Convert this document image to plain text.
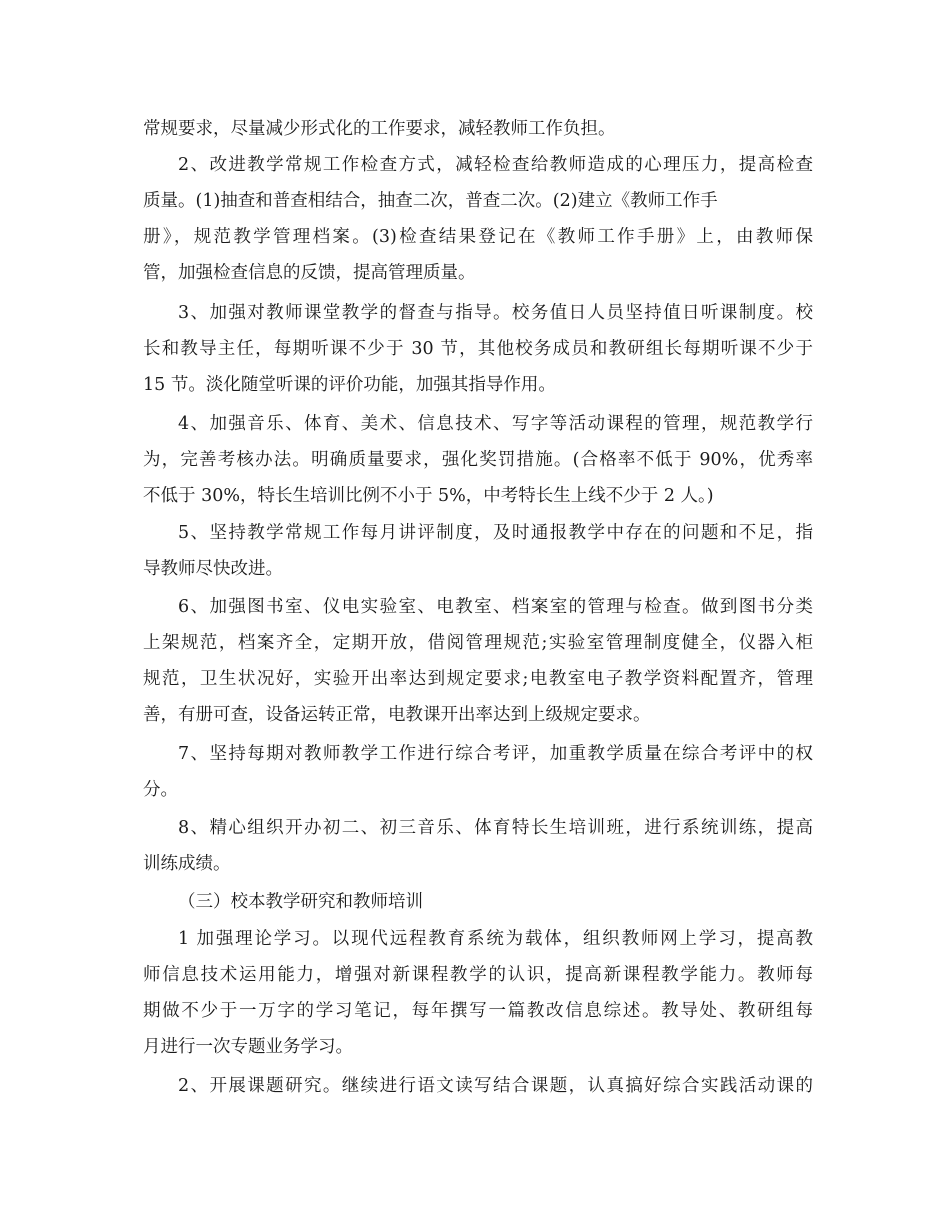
常规要求，尽量减少形式化的工作要求，减轻教师工作负担。
2、改进教学常规工作检查方式，减轻检查给教师造成的心理压力，提高检查
质量。(1)抽查和普查相结合，抽查二次，普查二次。(2)建立《教师工作手
册》，规范教学管理档案。(3)检查结果登记在《教师工作手册》上，由教师保
管，加强检查信息的反馈，提高管理质量。
3、加强对教师课堂教学的督查与指导。校务值日人员坚持值日听课制度。校
长和教导主任，每期听课不少于 30 节，其他校务成员和教研组长每期听课不少于
15 节。淡化随堂听课的评价功能，加强其指导作用。
4、加强音乐、体育、美术、信息技术、写字等活动课程的管理，规范教学行
为，完善考核办法。明确质量要求，强化奖罚措施。(合格率不低于 90%，优秀率
不低于 30%，特长生培训比例不小于 5%，中考特长生上线不少于 2 人。)
5、坚持教学常规工作每月讲评制度，及时通报教学中存在的问题和不足，指
导教师尽快改进。
6、加强图书室、仪电实验室、电教室、档案室的管理与检查。做到图书分类
上架规范，档案齐全，定期开放，借阅管理规范;实验室管理制度健全，仪器入柜
规范，卫生状况好，实验开出率达到规定要求;电教室电子教学资料配置齐，管理
善，有册可查，设备运转正常，电教课开出率达到上级规定要求。
7、坚持每期对教师教学工作进行综合考评，加重教学质量在综合考评中的权
分。
8、精心组织开办初二、初三音乐、体育特长生培训班，进行系统训练，提高
训练成绩。
（三）校本教学研究和教师培训
1 加强理论学习。以现代远程教育系统为载体，组织教师网上学习，提高教
师信息技术运用能力，增强对新课程教学的认识，提高新课程教学能力。教师每
期做不少于一万字的学习笔记，每年撰写一篇教改信息综述。教导处、教研组每
月进行一次专题业务学习。
2、开展课题研究。继续进行语文读写结合课题，认真搞好综合实践活动课的
